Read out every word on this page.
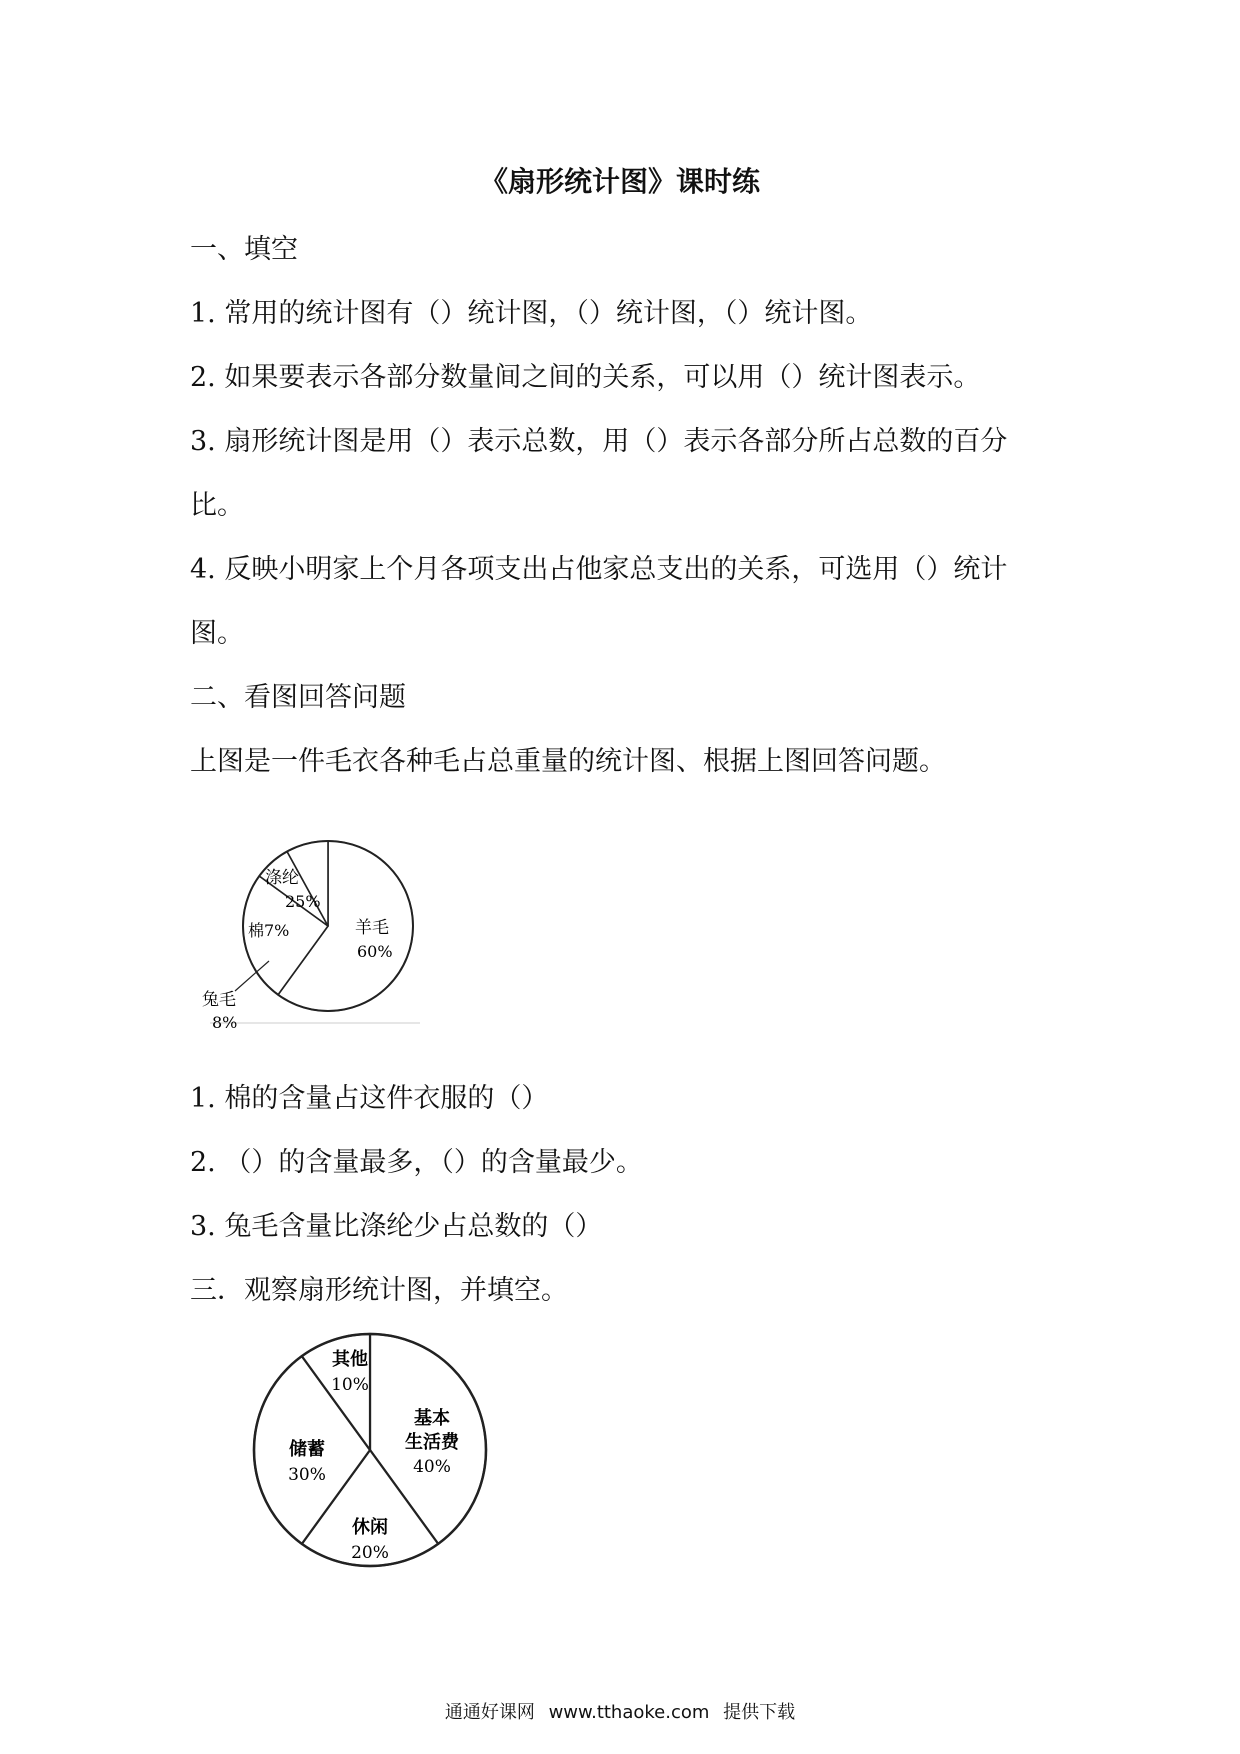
《扇形统计图》课时练

一、填空

1. 常用的统计图有（）统计图，（）统计图，（）统计图。

2. 如果要表示各部分数量间之间的关系，可以用（）统计图表示。

3. 扇形统计图是用（）表示总数，用（）表示各部分所占总数的百分

比。

4. 反映小明家上个月各项支出占他家总支出的关系，可选用（）统计

图。

二、看图回答问题

上图是一件毛衣各种毛占总重量的统计图、根据上图回答问题。

涤纶
25%
棉7%	羊毛
60%
兔毛
8%

1. 棉的含量占这件衣服的（）

2. （）的含量最多，（）的含量最少。

3. 兔毛含量比涤纶少占总数的（）

三．观察扇形统计图，并填空。

其他
10%
基本
生活费
40%
储蓄
30%
休闲
20%
通通好课网 www.tthaoke.com 提供下载
